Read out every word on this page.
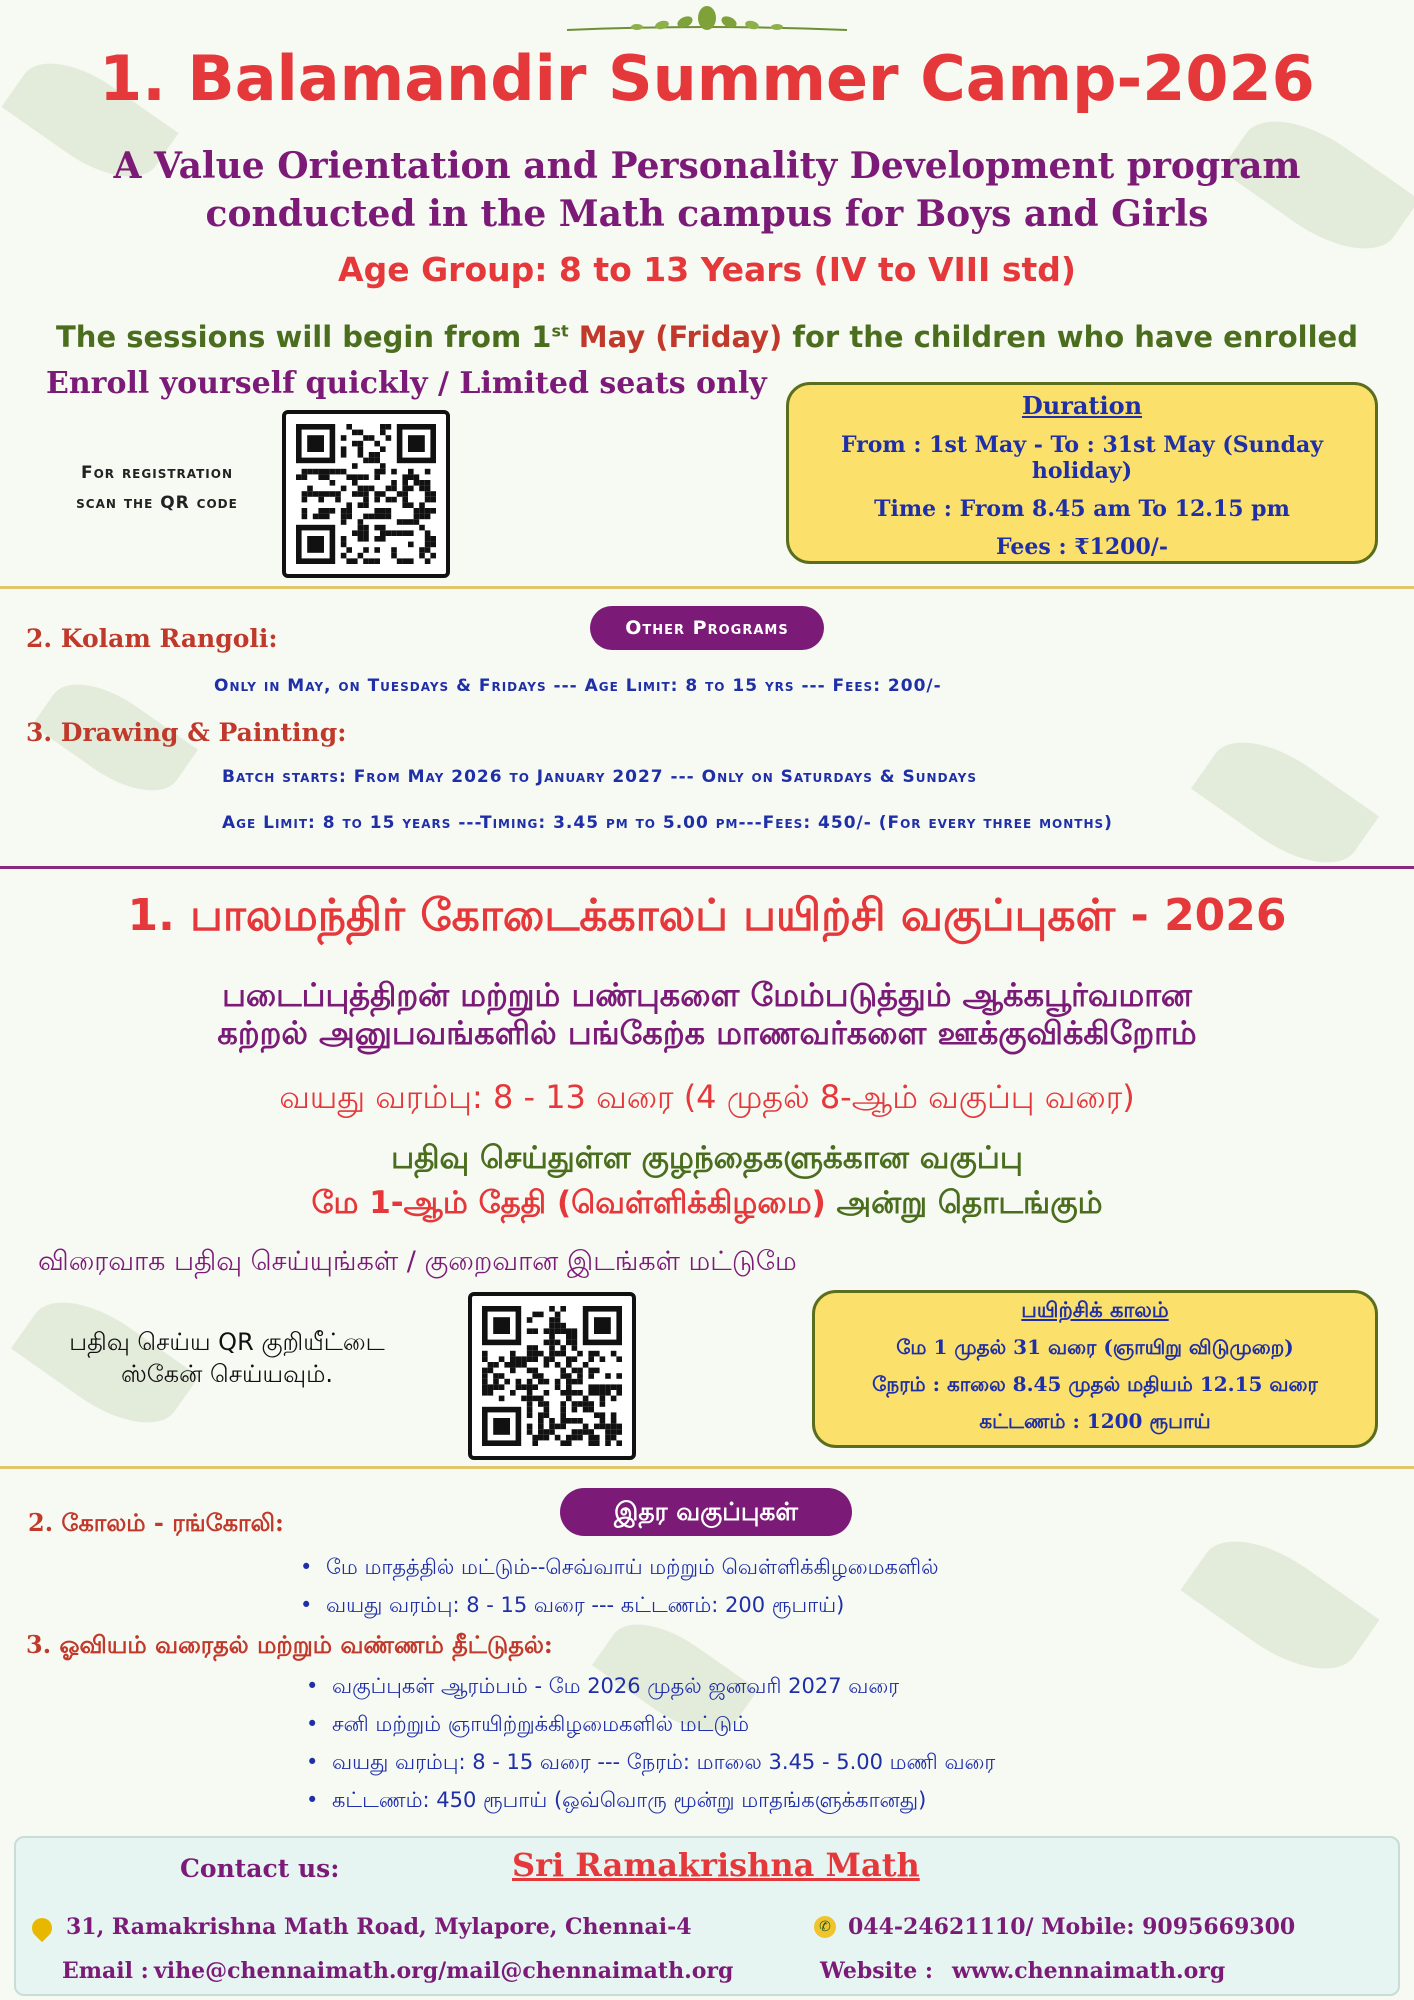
1. Balamandir Summer Camp-2026
A Value Orientation and Personality Development program
conducted in the Math campus for Boys and Girls
Age Group: 8 to 13 Years (IV to VIII std)
The sessions will begin from 1st May (Friday) for the children who have enrolled
Enroll yourself quickly / Limited seats only
For registration
scan the QR code
Duration
From : 1st May - To : 31st May (Sunday holiday)
Time : From 8.45 am To 12.15 pm
Fees : ₹1200/-
Other Programs
2. Kolam Rangoli:
Only in May, on Tuesdays & Fridays --- Age Limit: 8 to 15 yrs --- Fees: 200/-
3. Drawing & Painting:
Batch starts: From May 2026 to January 2027 --- Only on Saturdays & Sundays
Age Limit: 8 to 15 years ---Timing: 3.45 pm to 5.00 pm---Fees: 450/- (For every three months)
1. பாலமந்திர் கோடைக்காலப் பயிற்சி வகுப்புகள் - 2026
படைப்புத்திறன் மற்றும் பண்புகளை மேம்படுத்தும் ஆக்கபூர்வமான
கற்றல் அனுபவங்களில் பங்கேற்க மாணவர்களை ஊக்குவிக்கிறோம்
வயது வரம்பு: 8 - 13 வரை (4 முதல் 8-ஆம் வகுப்பு வரை)
பதிவு செய்துள்ள குழந்தைகளுக்கான வகுப்பு
மே 1-ஆம் தேதி (வெள்ளிக்கிழமை) அன்று தொடங்கும்
விரைவாக பதிவு செய்யுங்கள் / குறைவான இடங்கள் மட்டுமே
பதிவு செய்ய QR குறியீட்டை
ஸ்கேன் செய்யவும்.
பயிற்சிக் காலம்
மே 1 முதல் 31 வரை (ஞாயிறு விடுமுறை)
நேரம் : காலை 8.45 முதல் மதியம் 12.15 வரை
கட்டணம் : 1200 ரூபாய்
இதர வகுப்புகள்
2. கோலம் - ரங்கோலி:
• மே மாதத்தில் மட்டும்--செவ்வாய் மற்றும் வெள்ளிக்கிழமைகளில்
• வயது வரம்பு: 8 - 15 வரை --- கட்டணம்: 200 ரூபாய்)
3. ஓவியம் வரைதல் மற்றும் வண்ணம் தீட்டுதல்:
• வகுப்புகள் ஆரம்பம் - மே 2026 முதல் ஜனவரி 2027 வரை
• சனி மற்றும் ஞாயிற்றுக்கிழமைகளில் மட்டும்
• வயது வரம்பு: 8 - 15 வரை --- நேரம்: மாலை 3.45 - 5.00 மணி வரை
• கட்டணம்: 450 ரூபாய் (ஒவ்வொரு மூன்று மாதங்களுக்கானது)
Contact us:	Sri Ramakrishna Math
31, Ramakrishna Math Road, Mylapore, Chennai-4	✆ 044-24621110/ Mobile: 9095669300
Email : vihe@chennaimath.org/mail@chennaimath.org	Website : www.chennaimath.org
